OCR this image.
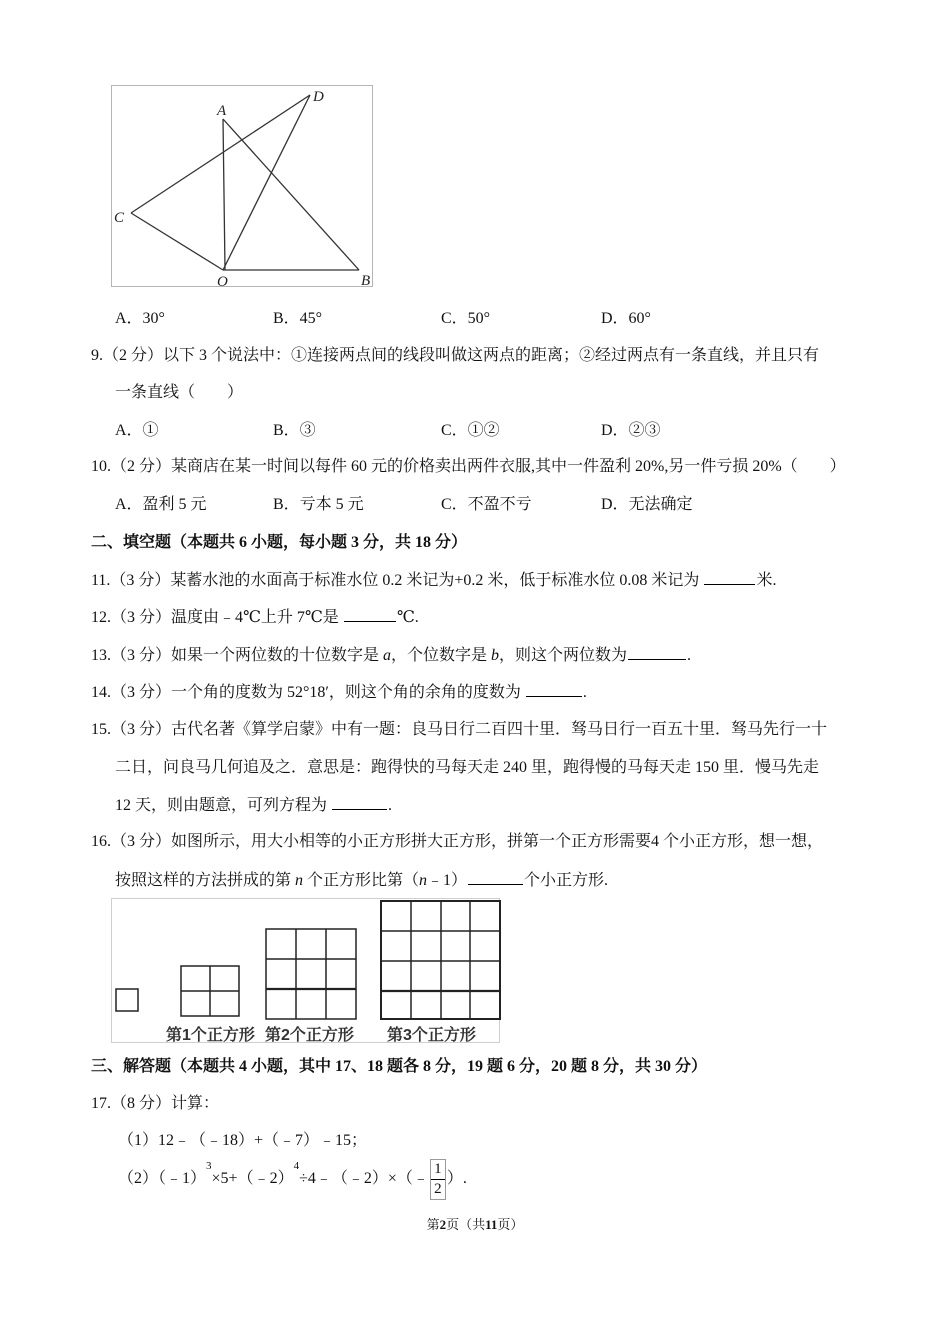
A
D
C
O	B
A．30°	B．45°	C．50°	D．60°
9.（2 分）以下 3 个说法中：①连接两点间的线段叫做这两点的距离；②经过两点有一条直线，并且只有
一条直线（　　）
A．①	B．③	C．①②	D．②③
10.（2 分）某商店在某一时间以每件 60 元的价格卖出两件衣服,其中一件盈利 20%,另一件亏损 20%（　　）
A．盈利 5 元	B．亏本 5 元	C．不盈不亏	D．无法确定
二、填空题（本题共 6 小题，每小题 3 分，共 18 分）
11.（3 分）某蓄水池的水面高于标准水位 0.2 米记为+0.2 米，低于标准水位 0.08 米记为	米.
12.（3 分）温度由﹣4℃上升 7℃是	℃.
13.（3 分）如果一个两位数的十位数字是 a，个位数字是 b，则这个两位数为	.
14.（3 分）一个角的度数为 52°18′，则这个角的余角的度数为	.
15.（3 分）古代名著《算学启蒙》中有一题：良马日行二百四十里．驽马日行一百五十里．驽马先行一十
二日，问良马几何追及之．意思是：跑得快的马每天走 240 里，跑得慢的马每天走 150 里．慢马先走
12 天，则由题意，可列方程为	.
16.（3 分）如图所示，用大小相等的小正方形拼大正方形，拼第一个正方形需要4 个小正方形，想一想，
按照这样的方法拼成的第 n 个正方形比第（n﹣1）	个小正方形.
第1个正方形 第2个正方形 第3个正方形
三、解答题（本题共 4 小题，其中 17、18 题各 8 分，19 题 6 分，20 题 8 分，共 30 分）
17.（8 分）计算：
（1）12﹣（﹣18）+（﹣7）﹣15；
（2）（﹣1）$^3$×5+（﹣2）$^4$÷4﹣（﹣2）×（﹣ $\frac{1}{2}$ ）.
第2页（共11页）
